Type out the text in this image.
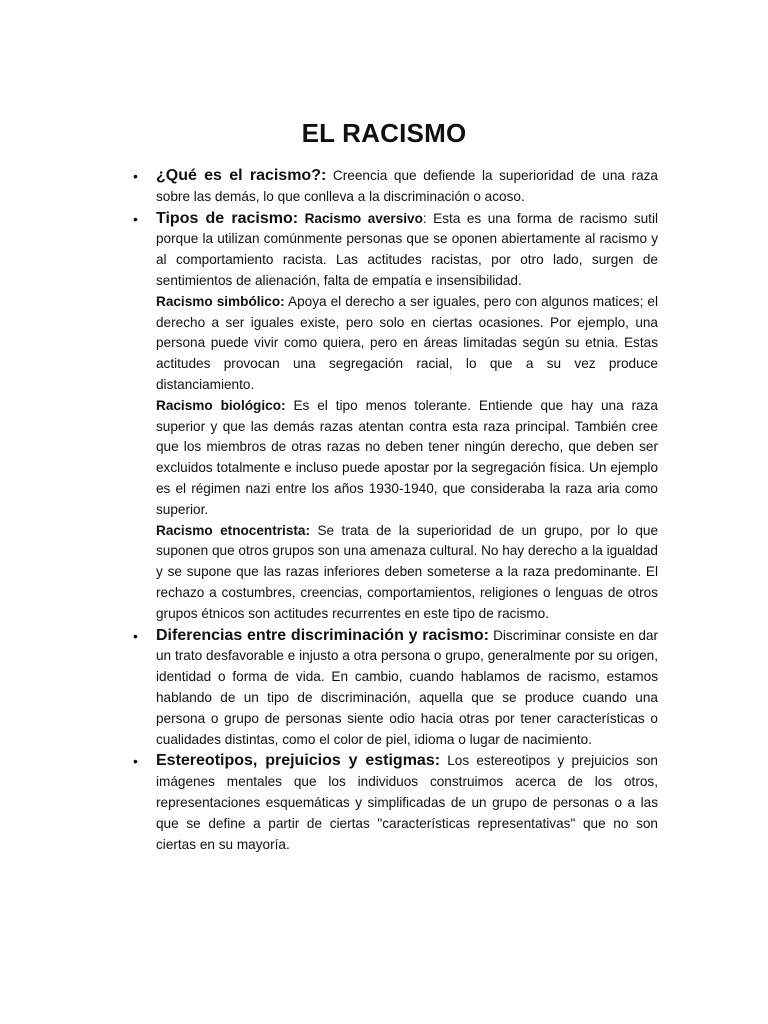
EL RACISMO
• ¿Qué es el racismo?: Creencia que defiende la superioridad de una raza sobre las demás, lo que conlleva a la discriminación o acoso.

• Tipos de racismo: Racismo aversivo: Esta es una forma de racismo sutil porque la utilizan comúnmente personas que se oponen abiertamente al racismo y al comportamiento racista. Las actitudes racistas, por otro lado, surgen de sentimientos de alienación, falta de empatía e insensibilidad.

Racismo simbólico: Apoya el derecho a ser iguales, pero con algunos matices; el derecho a ser iguales existe, pero solo en ciertas ocasiones. Por ejemplo, una persona puede vivir como quiera, pero en áreas limitadas según su etnia. Estas actitudes provocan una segregación racial, lo que a su vez produce distanciamiento.

Racismo biológico: Es el tipo menos tolerante. Entiende que hay una raza superior y que las demás razas atentan contra esta raza principal. También cree que los miembros de otras razas no deben tener ningún derecho, que deben ser excluidos totalmente e incluso puede apostar por la segregación física. Un ejemplo es el régimen nazi entre los años 1930-1940, que consideraba la raza aria como superior.

Racismo etnocentrista: Se trata de la superioridad de un grupo, por lo que suponen que otros grupos son una amenaza cultural. No hay derecho a la igualdad y se supone que las razas inferiores deben someterse a la raza predominante. El rechazo a costumbres, creencias, comportamientos, religiones o lenguas de otros grupos étnicos son actitudes recurrentes en este tipo de racismo.

• Diferencias entre discriminación y racismo: Discriminar consiste en dar un trato desfavorable e injusto a otra persona o grupo, generalmente por su origen, identidad o forma de vida. En cambio, cuando hablamos de racismo, estamos hablando de un tipo de discriminación, aquella que se produce cuando una persona o grupo de personas siente odio hacia otras por tener características o cualidades distintas, como el color de piel, idioma o lugar de nacimiento.

• Estereotipos, prejuicios y estigmas: Los estereotipos y prejuicios son imágenes mentales que los individuos construimos acerca de los otros, representaciones esquemáticas y simplificadas de un grupo de personas o a las que se define a partir de ciertas "características representativas" que no son ciertas en su mayoría.
